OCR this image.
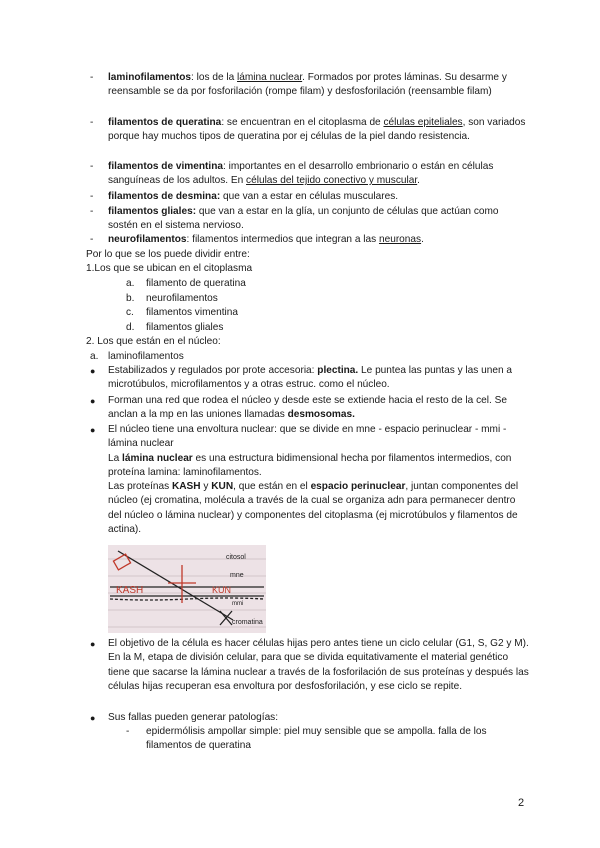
- laminofilamentos: los de la lámina nuclear. Formados por protes láminas. Su desarme y reensamble se da por fosforilación (rompe filam) y desfosforilación (reensamble filam)
- filamentos de queratina: se encuentran en el citoplasma de células epiteliales, son variados porque hay muchos tipos de queratina por ej células de la piel dando resistencia.
- filamentos de vimentina: importantes en el desarrollo embrionario o están en células sanguíneas de los adultos. En células del tejido conectivo y muscular.
- filamentos de desmina: que van a estar en células musculares.
- filamentos gliales: que van a estar en la glía, un conjunto de células que actúan como sostén en el sistema nervioso.
- neurofilamentos: filamentos intermedios que integran a las neuronas.
Por lo que se los puede dividir entre:
1.Los que se ubican en el citoplasma
a. filamento de queratina
b. neurofilamentos
c. filamentos vimentina
d. filamentos gliales
2. Los que están en el núcleo:
a. laminofilamentos
● Estabilizados y regulados por prote accesoria: plectina. Le puntea las puntas y las unen a microtúbulos, microfilamentos y a otras estruc. como el núcleo.
● Forman una red que rodea el núcleo y desde este se extiende hacia el resto de la cel. Se anclan a la mp en las uniones llamadas desmosomas.
● El núcleo tiene una envoltura nuclear: que se divide en mne - espacio perinuclear - mmi - lámina nuclear
La lámina nuclear es una estructura bidimensional hecha por filamentos intermedios, con proteína lamina: laminofilamentos.
Las proteínas KASH y KUN, que están en el espacio perinuclear, juntan componentes del núcleo (ej cromatina, molécula a través de la cual se organiza adn para permanecer dentro del núcleo o lámina nuclear) y componentes del citoplasma (ej microtúbulos y filamentos de actina).
KASH	KUN
citosol
mne
mmi
cromatina
● El objetivo de la célula es hacer células hijas pero antes tiene un ciclo celular (G1, S, G2 y M). En la M, etapa de división celular, para que se divida equitativamente el material genético tiene que sacarse la lámina nuclear a través de la fosforilación de sus proteínas y después las células hijas recuperan esa envoltura por desfosforilación, y ese ciclo se repite.
● Sus fallas pueden generar patologías:
- epidermólisis ampollar simple: piel muy sensible que se ampolla. falla de los filamentos de queratina
2
